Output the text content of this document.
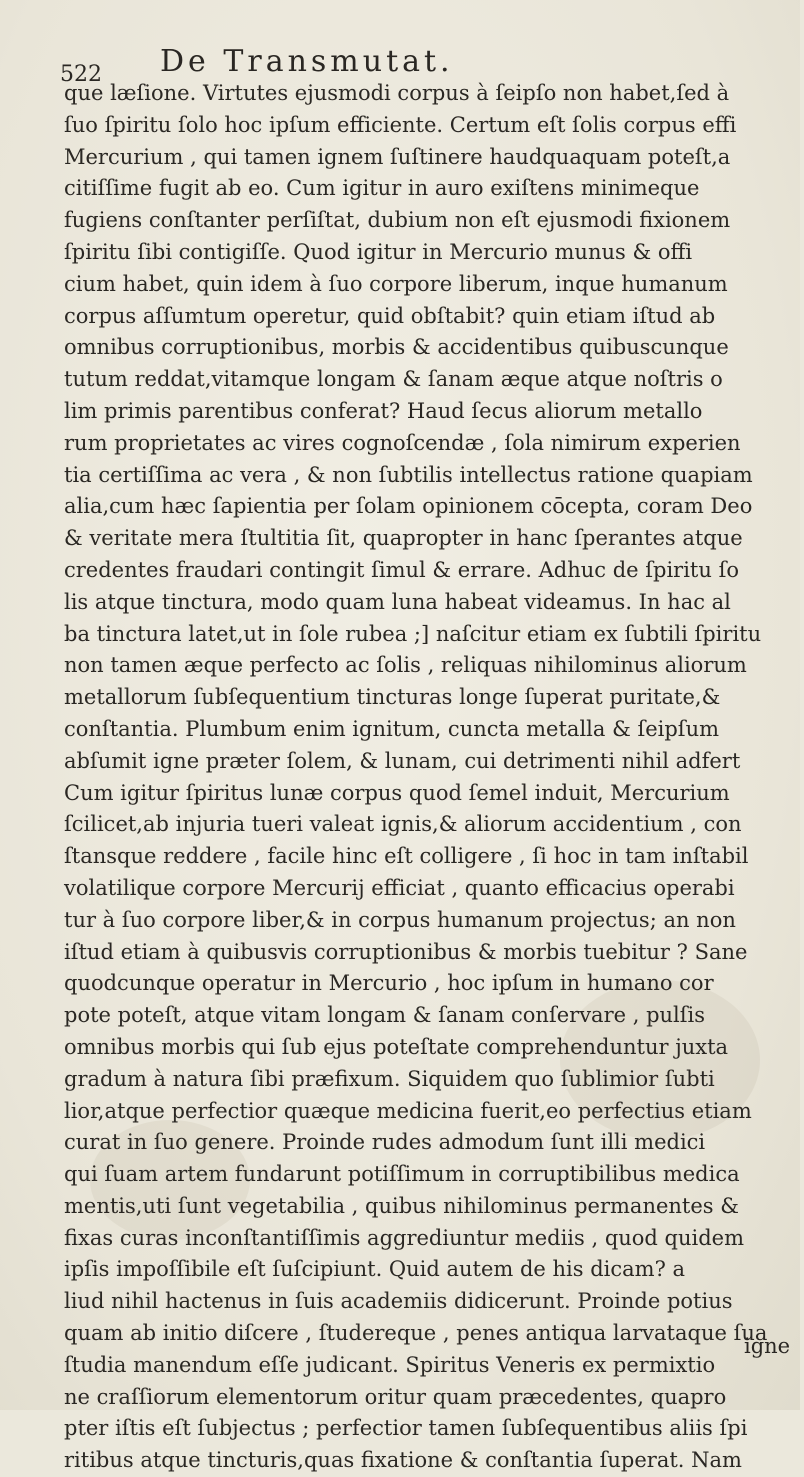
522 De Transmutat.
que læſione. Virtutes ejusmodi corpus à ſeipſo non habet,ſed à
ſuo ſpiritu ſolo hoc ipſum efficiente. Certum eſt ſolis corpus effi
Mercurium , qui tamen ignem ſuſtinere haudquaquam poteſt,a
citiſſime fugit ab eo. Cum igitur in auro exiſtens minimeque
fugiens conſtanter perſiſtat, dubium non eſt ejusmodi fixionem
ſpiritu ſibi contigiſſe. Quod igitur in Mercurio munus & offi
cium habet, quin idem à ſuo corpore liberum, inque humanum
corpus aſſumtum operetur, quid obſtabit? quin etiam iſtud ab
omnibus corruptionibus, morbis & accidentibus quibuscunque
tutum reddat,vitamque longam & ſanam æque atque noſtris o
lim primis parentibus conferat? Haud ſecus aliorum metallo
rum proprietates ac vires cognoſcendæ , ſola nimirum experien
tia certiſſima ac vera , & non ſubtilis intellectus ratione quapiam
alia,cum hæc ſapientia per ſolam opinionem cōcepta, coram Deo
& veritate mera ſtultitia ſit, quapropter in hanc ſperantes atque
credentes fraudari contingit ſimul & errare. Adhuc de ſpiritu ſo
lis atque tinctura, modo quam luna habeat videamus. In hac al
ba tinctura latet,ut in ſole rubea ;] naſcitur etiam ex ſubtili ſpiritu
non tamen æque perfecto ac ſolis , reliquas nihilominus aliorum
metallorum ſubſequentium tincturas longe ſuperat puritate,&
conſtantia. Plumbum enim ignitum, cuncta metalla & ſeipſum
abſumit igne præter ſolem, & lunam, cui detrimenti nihil adfert
Cum igitur ſpiritus lunæ corpus quod ſemel induit, Mercurium
ſcilicet,ab injuria tueri valeat ignis,& aliorum accidentium , con
ſtansque reddere , facile hinc eſt colligere , ſi hoc in tam inſtabil
volatilique corpore Mercurij efficiat , quanto efficacius operabi
tur à ſuo corpore liber,& in corpus humanum projectus; an non
iſtud etiam à quibusvis corruptionibus & morbis tuebitur ? Sane
quodcunque operatur in Mercurio , hoc ipſum in humano cor
pote poteſt, atque vitam longam & ſanam conſervare , pulſis
omnibus morbis qui ſub ejus poteſtate comprehenduntur juxta
gradum à natura ſibi præfixum. Siquidem quo ſublimior ſubti
lior,atque perfectior quæque medicina fuerit,eo perfectius etiam
curat in ſuo genere. Proinde rudes admodum ſunt illi medici
qui ſuam artem fundarunt potiſſimum in corruptibilibus medica
mentis,uti ſunt vegetabilia , quibus nihilominus permanentes &
fixas curas inconſtantiſſimis aggrediuntur mediis , quod quidem
ipſis impoſſibile eſt ſuſcipiunt. Quid autem de his dicam? a
liud nihil hactenus in ſuis academiis didicerunt. Proinde potius
quam ab initio diſcere , ſtudereque , penes antiqua larvataque ſua
ſtudia manendum eſſe judicant. Spiritus Veneris ex permixtio
ne craſſiorum elementorum oritur quam præcedentes, quapro
pter iſtis eſt ſubjectus ; perfectior tamen ſubſequentibus aliis ſpi
ritibus atque tincturis,quas fixatione & conſtantia ſuperat. Nam
igne
